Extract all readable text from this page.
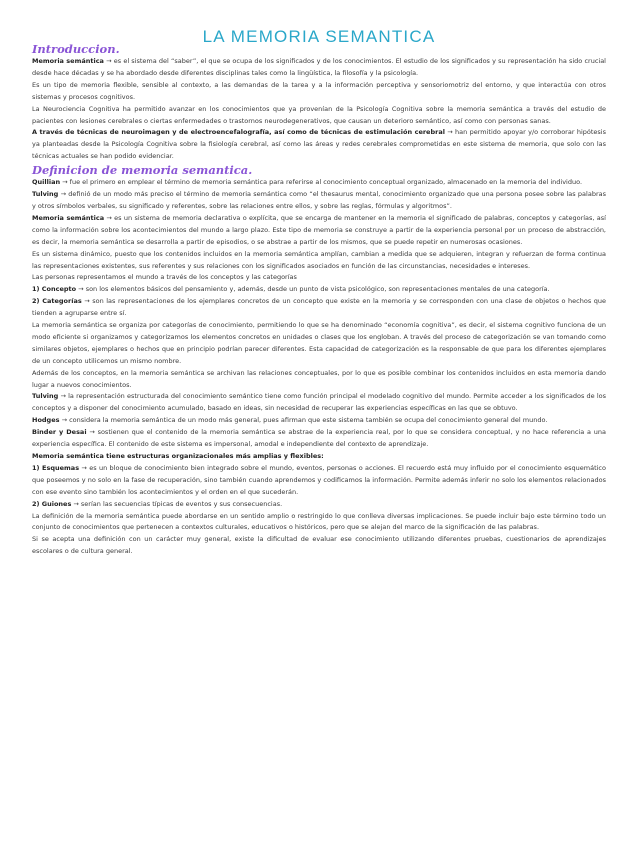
LA MEMORIA SEMANTICA
Introduccion.

Memoria semántica → es el sistema del “saber”, el que se ocupa de los significados y de los conocimientos. El estudio de los significados y su representación ha sido crucial desde hace décadas y se ha abordado desde diferentes disciplinas tales como la lingüística, la filosofía y la psicología.

Es un tipo de memoria flexible, sensible al contexto, a las demandas de la tarea y a la información perceptiva y sensoriomotriz del entorno, y que interactúa con otros sistemas y procesos cognitivos.

La Neurociencia Cognitiva ha permitido avanzar en los conocimientos que ya provenían de la Psicología Cognitiva sobre la memoria semántica a través del estudio de pacientes con lesiones cerebrales o ciertas enfermedades o trastornos neurodegenerativos, que causan un deterioro semántico, así como con personas sanas.

A través de técnicas de neuroimagen y de electroencefalografía, así como de técnicas de estimulación cerebral → han permitido apoyar y/o corroborar hipótesis ya planteadas desde la Psicología Cognitiva sobre la fisiología cerebral, así como las áreas y redes cerebrales comprometidas en este sistema de memoria, que solo con las técnicas actuales se han podido evidenciar.

Definicion de memoria semantica.

Quillian → fue el primero en emplear el término de memoria semántica para referirse al conocimiento conceptual organizado, almacenado en la memoria del individuo.

Tulving → definió de un modo más preciso el término de memoria semántica como “el thesaurus mental, conocimiento organizado que una persona posee sobre las palabras y otros símbolos verbales, su significado y referentes, sobre las relaciones entre ellos, y sobre las reglas, fórmulas y algoritmos”.

Memoria semántica → es un sistema de memoria declarativa o explícita, que se encarga de mantener en la memoria el significado de palabras, conceptos y categorías, así como la información sobre los acontecimientos del mundo a largo plazo. Este tipo de memoria se construye a partir de la experiencia personal por un proceso de abstracción, es decir, la memoria semántica se desarrolla a partir de episodios, o se abstrae a partir de los mismos, que se puede repetir en numerosas ocasiones.

Es un sistema dinámico, puesto que los contenidos incluidos en la memoria semántica amplían, cambian a medida que se adquieren, integran y refuerzan de forma continua las representaciones existentes, sus referentes y sus relaciones con los significados asociados en función de las circunstancias, necesidades e intereses.

Las personas representamos el mundo a través de los conceptos y las categorías

1) Concepto → son los elementos básicos del pensamiento y, además, desde un punto de vista psicológico, son representaciones mentales de una categoría.

2) Categorías → son las representaciones de los ejemplares concretos de un concepto que existe en la memoria y se corresponden con una clase de objetos o hechos que tienden a agruparse entre sí.

La memoria semántica se organiza por categorías de conocimiento, permitiendo lo que se ha denominado “economía cognitiva”, es decir, el sistema cognitivo funciona de un modo eficiente si organizamos y categorizamos los elementos concretos en unidades o clases que los engloban. A través del proceso de categorización se van tomando como similares objetos, ejemplares o hechos que en principio podrían parecer diferentes. Esta capacidad de categorización es la responsable de que para los diferentes ejemplares de un concepto utilicemos un mismo nombre.

Además de los conceptos, en la memoria semántica se archivan las relaciones conceptuales, por lo que es posible combinar los contenidos incluidos en esta memoria dando lugar a nuevos conocimientos.

Tulving → la representación estructurada del conocimiento semántico tiene como función principal el modelado cognitivo del mundo. Permite acceder a los significados de los conceptos y a disponer del conocimiento acumulado, basado en ideas, sin necesidad de recuperar las experiencias específicas en las que se obtuvo.

Hodges → considera la memoria semántica de un modo más general, pues afirman que este sistema también se ocupa del conocimiento general del mundo.

Binder y Desai → sostienen que el contenido de la memoria semántica se abstrae de la experiencia real, por lo que se considera conceptual, y no hace referencia a una experiencia específica. El contenido de este sistema es impersonal, amodal e independiente del contexto de aprendizaje.

Memoria semántica tiene estructuras organizacionales más amplias y flexibles:

1) Esquemas → es un bloque de conocimiento bien integrado sobre el mundo, eventos, personas o acciones. El recuerdo está muy influido por el conocimiento esquemático que poseemos y no solo en la fase de recuperación, sino también cuando aprendemos y codificamos la información. Permite además inferir no solo los elementos relacionados con ese evento sino también los acontecimientos y el orden en el que sucederán.

2) Guiones → serían las secuencias típicas de eventos y sus consecuencias.

La definición de la memoria semántica puede abordarse en un sentido amplio o restringido lo que conlleva diversas implicaciones. Se puede incluir bajo este término todo un conjunto de conocimientos que pertenecen a contextos culturales, educativos o históricos, pero que se alejan del marco de la significación de las palabras.

Si se acepta una definición con un carácter muy general, existe la dificultad de evaluar ese conocimiento utilizando diferentes pruebas, cuestionarios de aprendizajes escolares o de cultura general.
